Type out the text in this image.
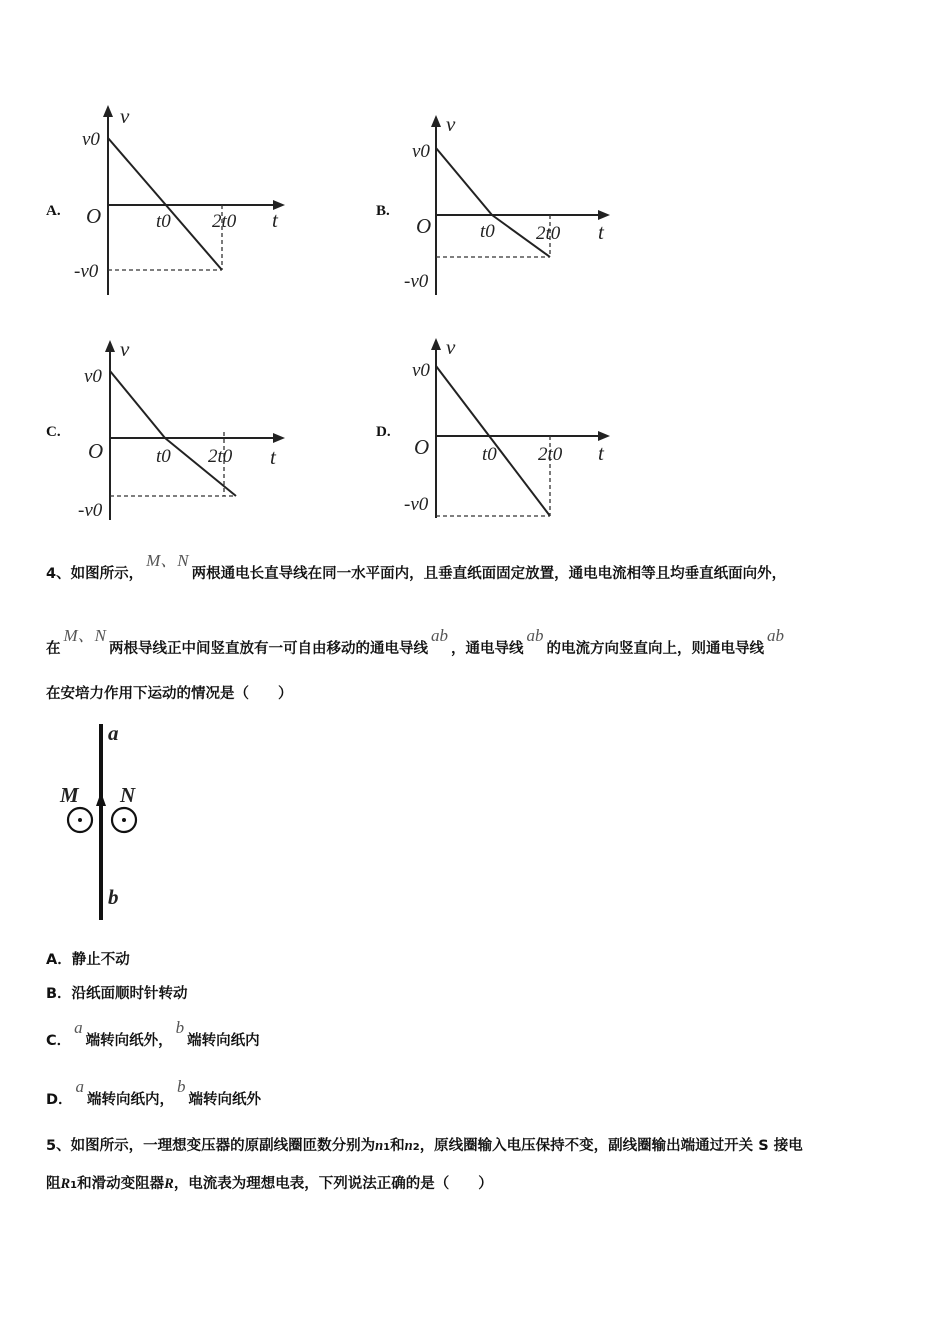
A.
v
v0
O	t0 2t0 t
-v0
B.
v
v0
O	t0 2t0 t
-v0
C.
v
v0
O	t0 2t0 t
-v0
D.
v
v0
O	t0 2t0 t
-v0
4、如图所示，M、N两根通电长直导线在同一水平面内，且垂直纸面固定放置，通电电流相等且均垂直纸面向外，
在M、N两根导线正中间竖直放有一可自由移动的通电导线ab，通电导线ab的电流方向竖直向上，则通电导线ab
在安培力作用下运动的情况是（　　）
a
b
M N
A．静止不动
B．沿纸面顺时针转动
C．a端转向纸外，b端转向纸内
D．a端转向纸内，b端转向纸外
5、如图所示，一理想变压器的原副线圈匝数分别为n1和n2，原线圈输入电压保持不变，副线圈输出端通过开关 S 接电
阻R1和滑动变阻器R，电流表为理想电表，下列说法正确的是（　　）
